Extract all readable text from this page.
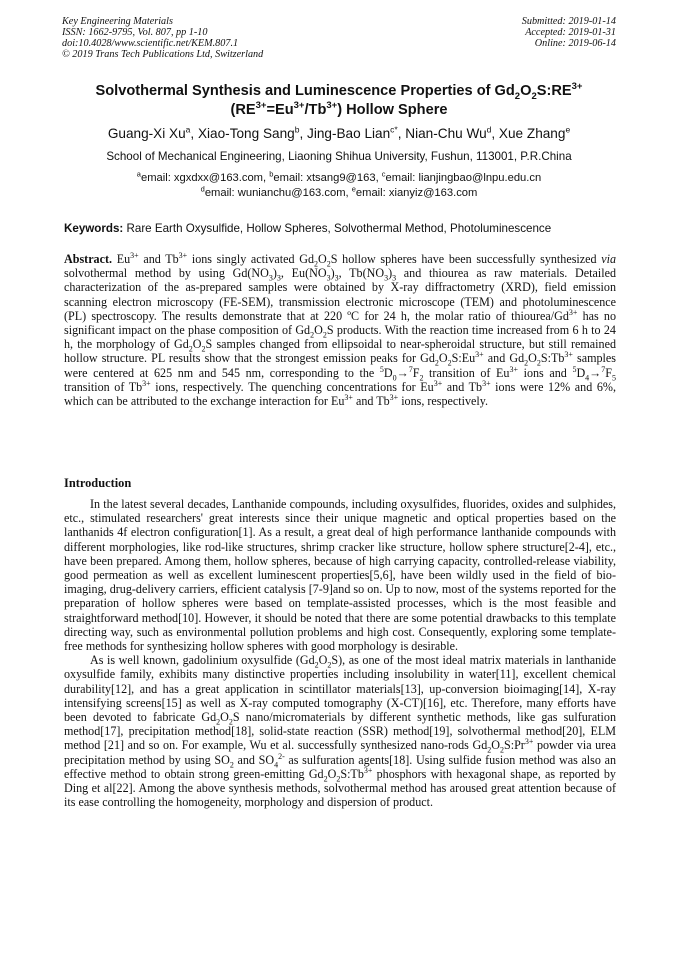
Key Engineering Materials
ISSN: 1662-9795, Vol. 807, pp 1-10
doi:10.4028/www.scientific.net/KEM.807.1
© 2019 Trans Tech Publications Ltd, Switzerland
Submitted: 2019-01-14
Accepted: 2019-01-31
Online: 2019-06-14
Solvothermal Synthesis and Luminescence Properties of $Gd_2O_2S:RE^{3+}$
$(RE^{3+}=Eu^{3+}/Tb^{3+})$ Hollow Sphere
Guang-Xi Xu$^a$, Xiao-Tong Sang$^b$, Jing-Bao Lian$^{c*}$, Nian-Chu Wu$^d$, Xue Zhang$^e$
School of Mechanical Engineering, Liaoning Shihua University, Fushun, 113001, P.R.China
$^a$email: xgxdxx@163.com, $^b$email: xtsang9@163, $^c$email: lianjingbao@lnpu.edu.cn
$^d$email: wunianchu@163.com, $^e$email: xianyiz@163.com
Keywords: Rare Earth Oxysulfide, Hollow Spheres, Solvothermal Method, Photoluminescence
Abstract. $Eu^{3+}$ and $Tb^{3+}$ ions singly activated $Gd_2O_2S$ hollow spheres have been successfully synthesized via solvothermal method by using $Gd(NO_3)_3$, $Eu(NO_3)_3$, $Tb(NO_3)_3$ and thiourea as raw materials. Detailed characterization of the as-prepared samples were obtained by X-ray diffractometry (XRD), field emission scanning electron microscopy (FE-SEM), transmission electronic microscope (TEM) and photoluminescence (PL) spectroscopy. The results demonstrate that at 220 ºC for 24 h, the molar ratio of thiourea/$Gd^{3+}$ has no significant impact on the phase composition of $Gd_2O_2S$ products. With the reaction time increased from 6 h to 24 h, the morphology of $Gd_2O_2S$ samples changed from ellipsoidal to near-spheroidal structure, but still remained hollow structure. PL results show that the strongest emission peaks for $Gd_2O_2S:Eu^{3+}$ and $Gd_2O_2S:Tb^{3+}$ samples were centered at 625 nm and 545 nm, corresponding to the $^5D_0\to^7F_2$ transition of $Eu^{3+}$ ions and $^5D_4\to^7F_5$ transition of $Tb^{3+}$ ions, respectively. The quenching concentrations for $Eu^{3+}$ and $Tb^{3+}$ ions were 12% and 6%, which can be attributed to the exchange interaction for $Eu^{3+}$ and $Tb^{3+}$ ions, respectively.
Introduction

In the latest several decades, Lanthanide compounds, including oxysulfides, fluorides, oxides and sulphides, etc., stimulated researchers' great interests since their unique magnetic and optical properties based on the lanthanids 4f electron configuration[1]. As a result, a great deal of high performance lanthanide compounds with different morphologies, like rod-like structures, shrimp cracker like structure, hollow sphere structure[2-4], etc., have been prepared. Among them, hollow spheres, because of high carrying capacity, controlled-release viability, good permeation as well as excellent luminescent properties[5,6], have been wildly used in the field of bio-imaging, drug-delivery carriers, efficient catalysis [7-9]and so on. Up to now, most of the systems reported for the preparation of hollow spheres were based on template-assisted processes, which is the most feasible and straightforward method[10]. However, it should be noted that there are some potential drawbacks to this template directing way, such as environmental pollution problems and high cost. Consequently, exploring some template-free methods for synthesizing hollow spheres with good morphology is desirable.

As is well known, gadolinium oxysulfide $(Gd_2O_2S)$, as one of the most ideal matrix materials in lanthanide oxysulfide family, exhibits many distinctive properties including insolubility in water[11], excellent chemical durability[12], and has a great application in scintillator materials[13], up-conversion bioimaging[14], X-ray intensifying screens[15] as well as X-ray computed tomography (X-CT)[16], etc. Therefore, many efforts have been devoted to fabricate $Gd_2O_2S$ nano/micromaterials by different synthetic methods, like gas sulfuration method[17], precipitation method[18], solid-state reaction (SSR) method[19], solvothermal method[20], ELM method [21] and so on. For example, Wu et al. successfully synthesized nano-rods $Gd_2O_2S:Pr^{3+}$ powder via urea precipitation method by using $SO_2$ and $SO_4^{2-}$ as sulfuration agents[18]. Using sulfide fusion method was also an effective method to obtain strong green-emitting $Gd_2O_2S:Tb^{3+}$ phosphors with hexagonal shape, as reported by Ding et al[22]. Among the above synthesis methods, solvothermal method has aroused great attention because of its ease controlling the homogeneity, morphology and dispersion of product.
